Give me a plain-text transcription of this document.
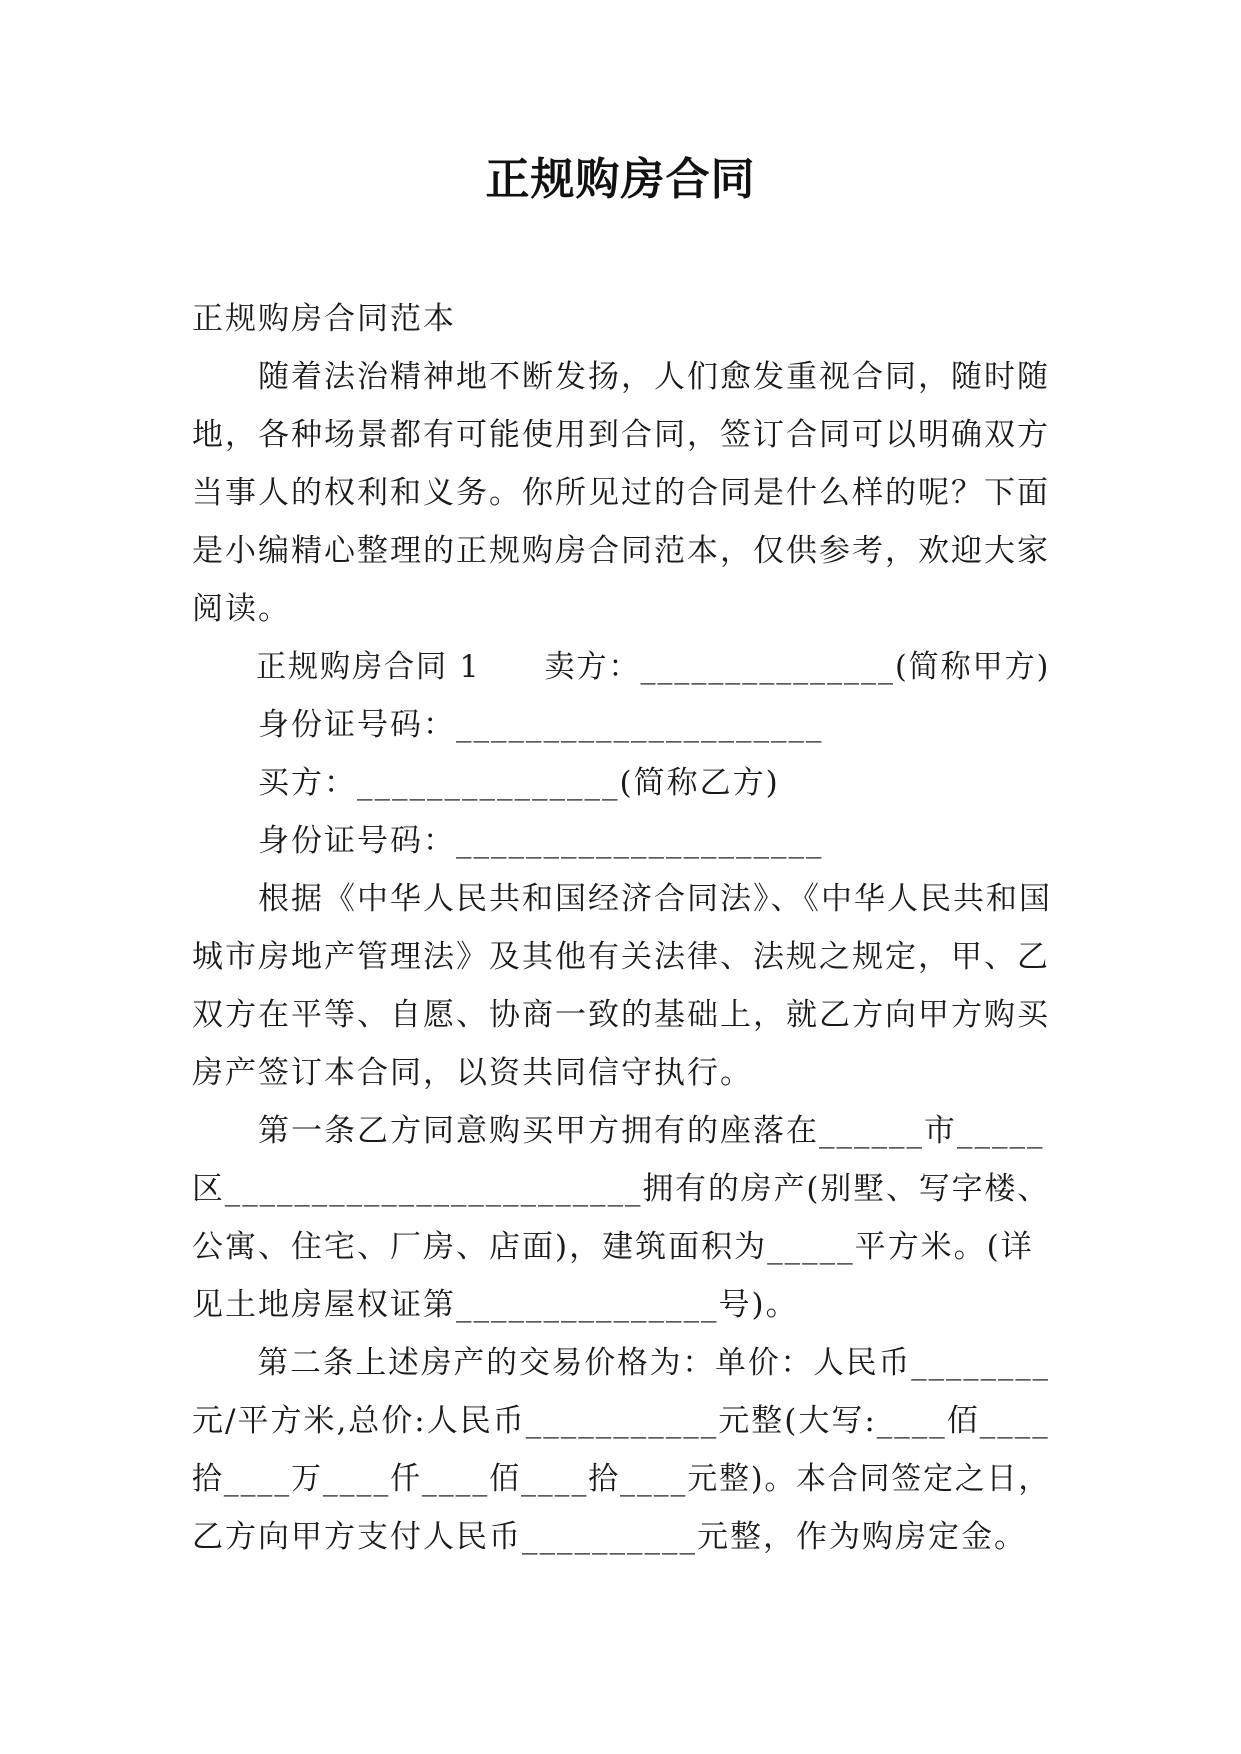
正规购房合同
正规购房合同范本
随着法治精神地不断发扬，人们愈发重视合同，随时随
地，各种场景都有可能使用到合同，签订合同可以明确双方
当事人的权利和义务。你所见过的合同是什么样的呢？下面
是小编精心整理的正规购房合同范本，仅供参考，欢迎大家
阅读。
正规购房合同 1 卖方：_______________(简称甲方)
身份证号码：_____________________
买方：_______________(简称乙方)
身份证号码：_____________________
根据《中华人民共和国经济合同法》、《中华人民共和国
城市房地产管理法》及其他有关法律、法规之规定，甲、乙
双方在平等、自愿、协商一致的基础上，就乙方向甲方购买
房产签订本合同，以资共同信守执行。
第一条乙方同意购买甲方拥有的座落在______市_____
区________________________拥有的房产(别墅、写字楼、
公寓、住宅、厂房、店面)，建筑面积为_____平方米。(详
见土地房屋权证第_______________号)。
第二条上述房产的交易价格为：单价：人民币________
元/平方米,总价:人民币___________元整(大写:____佰____
拾____万____仟____佰____拾____元整)。本合同签定之日，
乙方向甲方支付人民币__________元整，作为购房定金。
